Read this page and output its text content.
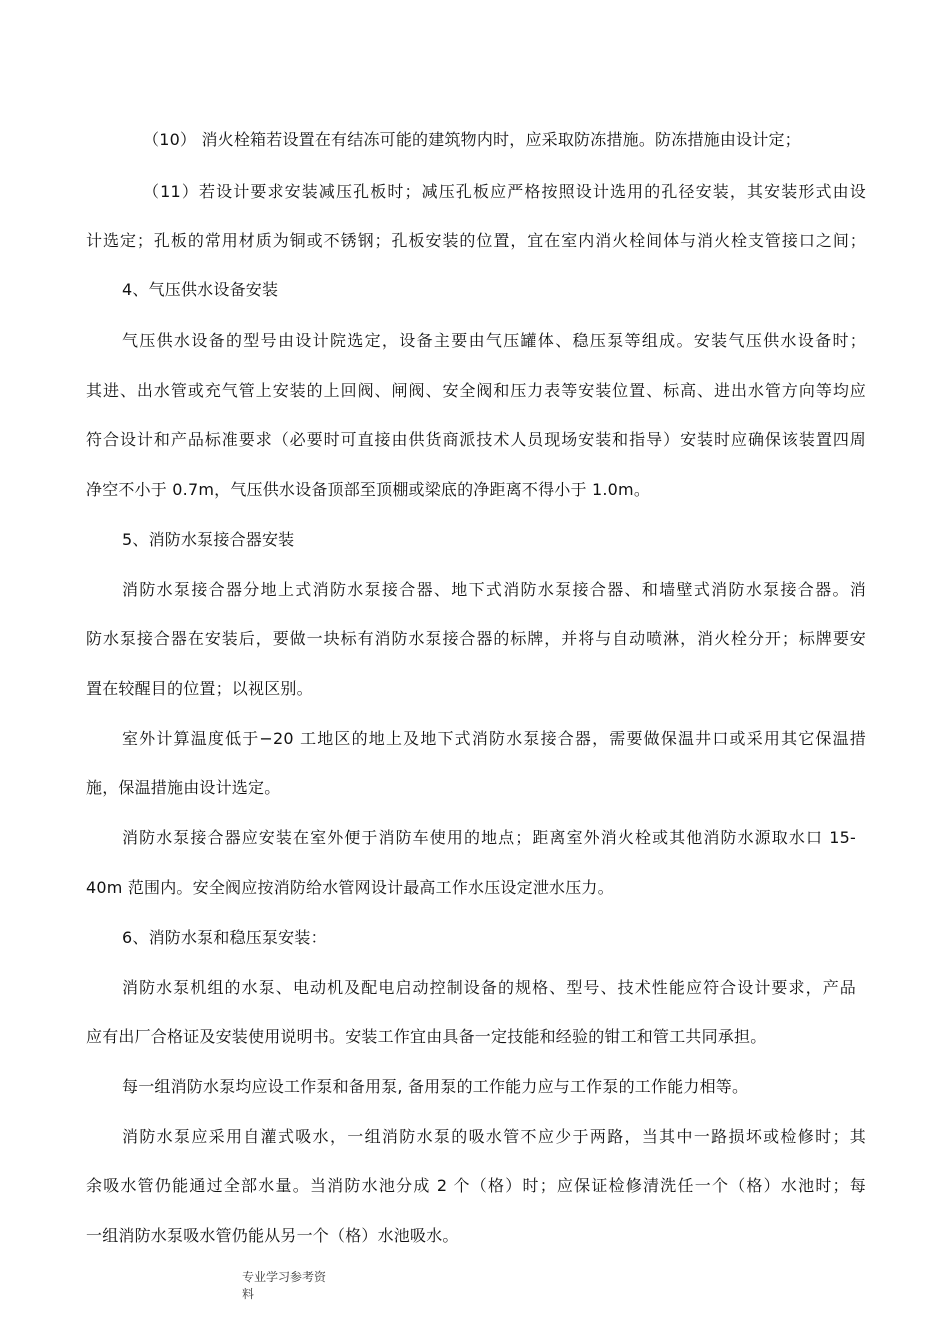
（10） 消火栓箱若设置在有结冻可能的建筑物内时，应采取防冻措施。防冻措施由设计定；
（11）若设计要求安装减压孔板时；减压孔板应严格按照设计选用的孔径安装，其安装形式由设
计选定；孔板的常用材质为铜或不锈钢；孔板安装的位置，宜在室内消火栓间体与消火栓支管接口之间；
4、气压供水设备安装
气压供水设备的型号由设计院选定，设备主要由气压罐体、稳压泵等组成。安装气压供水设备时；
其进、出水管或充气管上安装的上回阀、闸阀、安全阀和压力表等安装位置、标高、进出水管方向等均应
符合设计和产品标准要求（必要时可直接由供货商派技术人员现场安装和指导）安装时应确保该装置四周
净空不小于 0.7m，气压供水设备顶部至顶棚或梁底的净距离不得小于 1.0m。
5、消防水泵接合器安装
消防水泵接合器分地上式消防水泵接合器、地下式消防水泵接合器、和墙壁式消防水泵接合器。消
防水泵接合器在安装后，要做一块标有消防水泵接合器的标牌，并将与自动喷淋，消火栓分开；标牌要安
置在较醒目的位置；以视区别。
室外计算温度低于−20 工地区的地上及地下式消防水泵接合器，需要做保温井口或采用其它保温措
施，保温措施由设计选定。
消防水泵接合器应安装在室外便于消防车使用的地点；距离室外消火栓或其他消防水源取水口 15-
40m 范围内。安全阀应按消防给水管网设计最高工作水压设定泄水压力。
6、消防水泵和稳压泵安装：
消防水泵机组的水泵、电动机及配电启动控制设备的规格、型号、技术性能应符合设计要求，产品
应有出厂合格证及安装使用说明书。安装工作宜由具备一定技能和经验的钳工和管工共同承担。
每一组消防水泵均应设工作泵和备用泵, 备用泵的工作能力应与工作泵的工作能力相等。
消防水泵应采用自灌式吸水，一组消防水泵的吸水管不应少于两路，当其中一路损坏或检修时；其
余吸水管仍能通过全部水量。当消防水池分成 2 个（格）时；应保证检修清洗任一个（格）水池时；每
一组消防水泵吸水管仍能从另一个（格）水池吸水。
专业学习参考资
料
